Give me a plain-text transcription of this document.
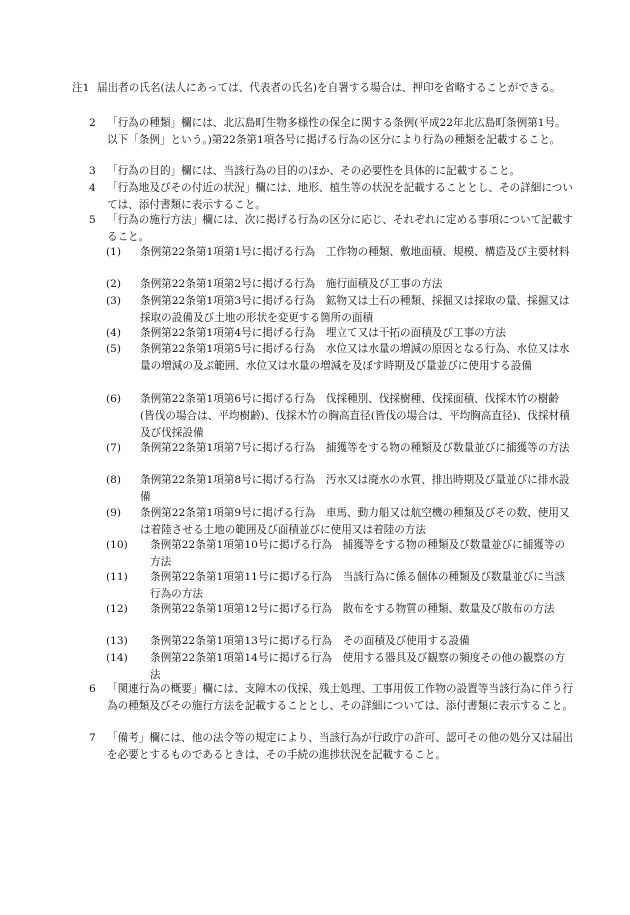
注1 届出者の氏名(法人にあっては、代表者の氏名)を自署する場合は、押印を省略することができる。
2 「行為の種類」欄には、北広島町生物多様性の保全に関する条例(平成22年北広島町条例第1号。以下「条例」という。)第22条第1項各号に掲げる行為の区分により行為の種類を記載すること。
3 「行為の目的」欄には、当該行為の目的のほか、その必要性を具体的に記載すること。
4 「行為地及びその付近の状況」欄には、地形、植生等の状況を記載することとし、その詳細については、添付書類に表示すること。
5 「行為の施行方法」欄には、次に掲げる行為の区分に応じ、それぞれに定める事項について記載すること。
(1) 条例第22条第1項第1号に掲げる行為　工作物の種類、敷地面積、規模、構造及び主要材料
(2) 条例第22条第1項第2号に掲げる行為　施行面積及び工事の方法
(3) 条例第22条第1項第3号に掲げる行為　鉱物又は土石の種類、採掘又は採取の量、採掘又は採取の設備及び土地の形状を変更する箇所の面積
(4) 条例第22条第1項第4号に掲げる行為　埋立て又は干拓の面積及び工事の方法
(5) 条例第22条第1項第5号に掲げる行為　水位又は水量の増減の原因となる行為、水位又は水量の増減の及ぶ範囲、水位又は水量の増減を及ぼす時期及び量並びに使用する設備
(6) 条例第22条第1項第6号に掲げる行為　伐採種別、伐採樹種、伐採面積、伐採木竹の樹齢(皆伐の場合は、平均樹齢)、伐採木竹の胸高直径(皆伐の場合は、平均胸高直径)、伐採材積及び伐採設備
(7) 条例第22条第1項第7号に掲げる行為　捕獲等をする物の種類及び数量並びに捕獲等の方法
(8) 条例第22条第1項第8号に掲げる行為　汚水又は廃水の水質、排出時期及び量並びに排水設備
(9) 条例第22条第1項第9号に掲げる行為　車馬、動力船又は航空機の種類及びその数、使用又は着陸させる土地の範囲及び面積並びに使用又は着陸の方法
(10) 条例第22条第1項第10号に掲げる行為　捕獲等をする物の種類及び数量並びに捕獲等の方法
(11) 条例第22条第1項第11号に掲げる行為　当該行為に係る個体の種類及び数量並びに当該行為の方法
(12) 条例第22条第1項第12号に掲げる行為　散布をする物質の種類、数量及び散布の方法
(13) 条例第22条第1項第13号に掲げる行為　その面積及び使用する設備
(14) 条例第22条第1項第14号に掲げる行為　使用する器具及び観察の頻度その他の観察の方法
6 「関連行為の概要」欄には、支障木の伐採、残土処理、工事用仮工作物の設置等当該行為に伴う行為の種類及びその施行方法を記載することとし、その詳細については、添付書類に表示すること。
7 「備考」欄には、他の法令等の規定により、当該行為が行政庁の許可、認可その他の処分又は届出を必要とするものであるときは、その手続の進捗状況を記載すること。
